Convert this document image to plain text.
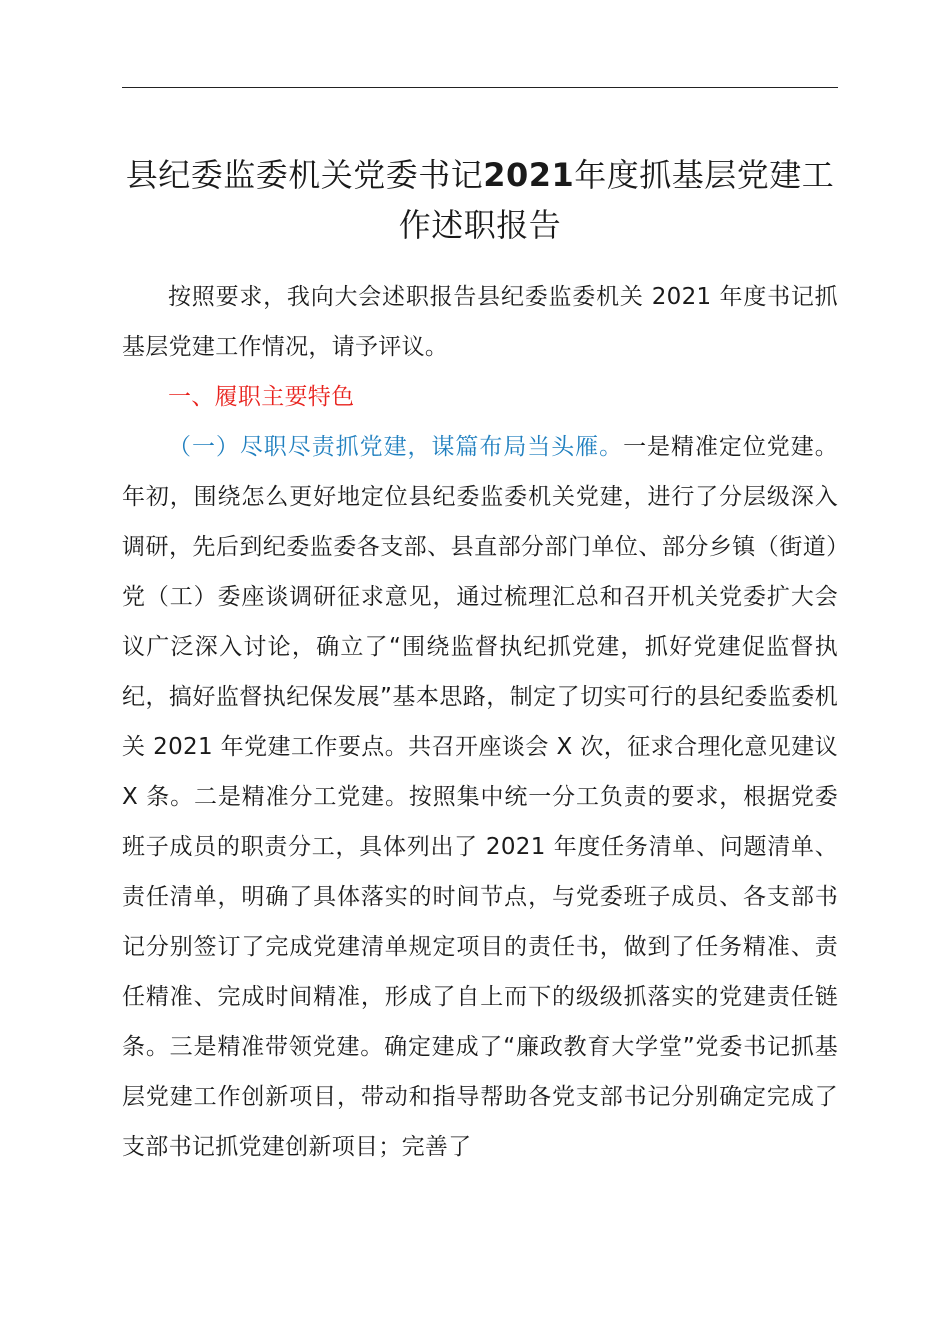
县纪委监委机关党委书记2021年度抓基层党建工作述职报告

按照要求，我向大会述职报告县纪委监委机关 2021 年度书记抓基层党建工作情况，请予评议。

一、履职主要特色

（一）尽职尽责抓党建，谋篇布局当头雁。一是精准定位党建。年初，围绕怎么更好地定位县纪委监委机关党建，进行了分层级深入调研，先后到纪委监委各支部、县直部分部门单位、部分乡镇（街道）党（工）委座谈调研征求意见，通过梳理汇总和召开机关党委扩大会议广泛深入讨论，确立了“围绕监督执纪抓党建，抓好党建促监督执纪，搞好监督执纪保发展”基本思路，制定了切实可行的县纪委监委机关 2021 年党建工作要点。共召开座谈会 X 次，征求合理化意见建议 X 条。二是精准分工党建。按照集中统一分工负责的要求，根据党委班子成员的职责分工，具体列出了 2021 年度任务清单、问题清单、责任清单，明确了具体落实的时间节点，与党委班子成员、各支部书记分别签订了完成党建清单规定项目的责任书，做到了任务精准、责任精准、完成时间精准，形成了自上而下的级级抓落实的党建责任链条。三是精准带领党建。确定建成了“廉政教育大学堂”党委书记抓基层党建工作创新项目，带动和指导帮助各党支部书记分别确定完成了支部书记抓党建创新项目；完善了
